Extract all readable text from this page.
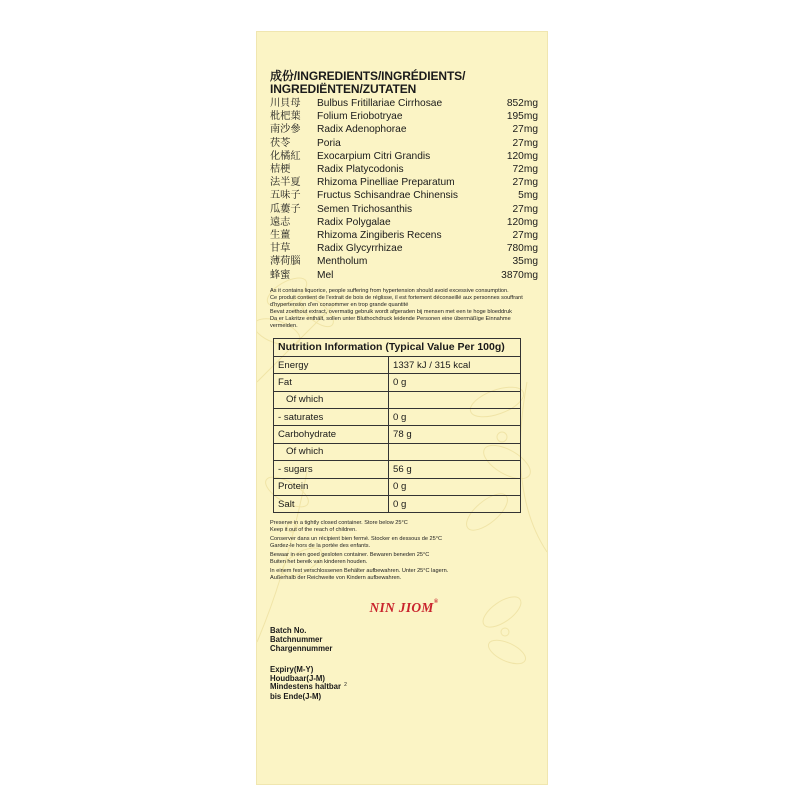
成份/INGREDIENTS/INGRÉDIENTS/
INGREDIËNTEN/ZUTATEN
川貝母	Bulbus Fritillariae Cirrhosae	852mg
枇杷葉	Folium Eriobotryae	195mg
南沙參	Radix Adenophorae	27mg
茯苓	Poria	27mg
化橘紅	Exocarpium Citri Grandis	120mg
桔梗	Radix Platycodonis	72mg
法半夏	Rhizoma Pinelliae Preparatum	27mg
五味子	Fructus Schisandrae Chinensis	5mg
瓜蔞子	Semen Trichosanthis	27mg
遠志	Radix Polygalae	120mg
生薑	Rhizoma Zingiberis Recens	27mg
甘草	Radix Glycyrrhizae	780mg
薄荷腦	Mentholum	35mg
蜂蜜	Mel	3870mg
As it contains liquorice, people suffering from hypertension should avoid excessive consumption.
Ce produit contient de l'extrait de bois de réglisse, il est fortement déconseillé aux personnes souffrant d'hypertension d'en consommer en trop grande quantité
Bevat zoethout extract, overmatig gebruik wordt afgeraden bij mensen met een te hoge bloeddruk
Da er Lakritze enthält, sollen unter Bluthochdruck leidende Personen eine übermäßige Einnahme vermeiden.
Nutrition Information (Typical Value Per 100g)	
Energy	1337 kJ / 315 kcal
Fat	0 g
Of which	
- saturates	0 g
Carbohydrate	78 g
Of which	
- sugars	56 g
Protein	0 g
Salt	0 g

Preserve in a tightly closed container. Store below 25°C
Keep it out of the reach of children.

Conserver dans un récipient bien fermé. Stocker en dessous de 25°C
Gardez-le hors de la portée des enfants.

Bewaar in een goed gesloten container. Bewaren beneden 25°C
Buiten het bereik van kinderen houden.

In einem fest verschlossenen Behälter aufbewahren. Unter 25°C lagern.
Außerhalb der Reichweite von Kindern aufbewahren.

NIN JIOM®
Batch No.
Batchnummer
Chargennummer
Expiry(M-Y)
Houdbaar(J-M)
Mindestens haltbar $^2$
bis Ende(J-M)
